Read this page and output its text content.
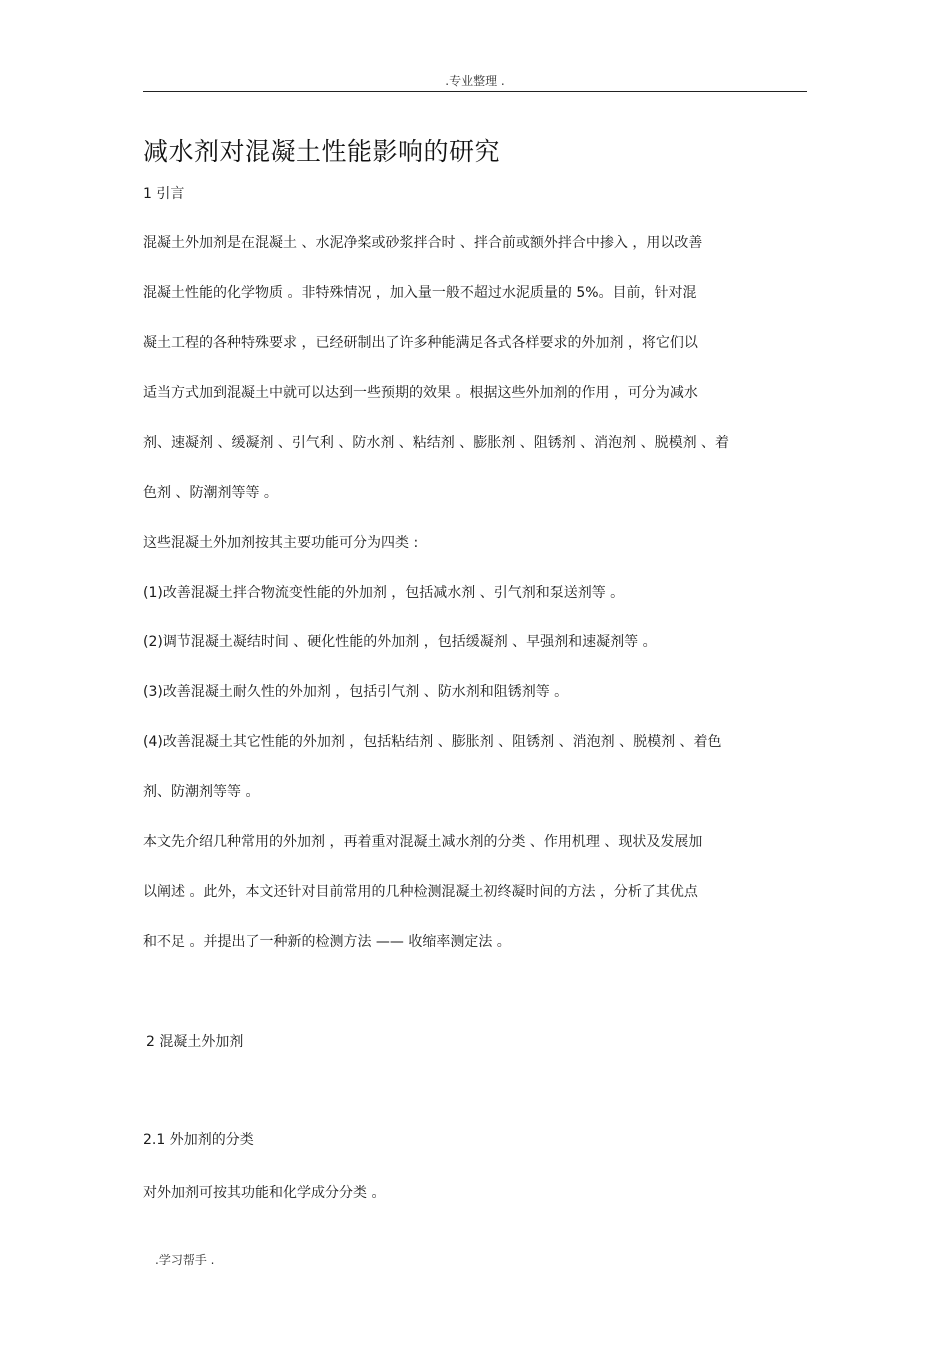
.专业整理 .
减水剂对混凝土性能影响的研究
1 引言
混凝土外加剂是在混凝土 、水泥净桨或砂浆拌合时 、拌合前或额外拌合中掺入 ，用以改善
混凝土性能的化学物质 。非特殊情况 ，加入量一般不超过水泥质量的 5%。目前，针对混
凝土工程的各种特殊要求 ，已经研制出了许多种能满足各式各样要求的外加剂 ，将它们以
适当方式加到混凝土中就可以达到一些预期的效果 。根据这些外加剂的作用 ，可分为减水
剂、速凝剂 、缓凝剂 、引气利 、防水剂 、粘结剂 、膨胀剂 、阻锈剂 、消泡剂 、脱模剂 、着
色剂 、防潮剂等等 。
这些混凝土外加剂按其主要功能可分为四类 :
(1)改善混凝土拌合物流变性能的外加剂 ，包括减水剂 、引气剂和泵送剂等 。
(2)调节混凝土凝结时间 、硬化性能的外加剂 ，包括缓凝剂 、早强剂和速凝剂等 。
(3)改善混凝土耐久性的外加剂 ，包括引气剂 、防水剂和阻锈剂等 。
(4)改善混凝土其它性能的外加剂 ，包括粘结剂 、膨胀剂 、阻锈剂 、消泡剂 、脱模剂 、着色
剂、防潮剂等等 。
本文先介绍几种常用的外加剂 ，再着重对混凝土减水剂的分类 、作用机理 、现状及发展加
以阐述 。此外，本文还针对目前常用的几种检测混凝土初终凝时间的方法 ，分析了其优点
和不足 。并提出了一种新的检测方法 —— 收缩率测定法 。
2 混凝土外加剂
2.1 外加剂的分类
对外加剂可按其功能和化学成分分类 。
.学习帮手 .
